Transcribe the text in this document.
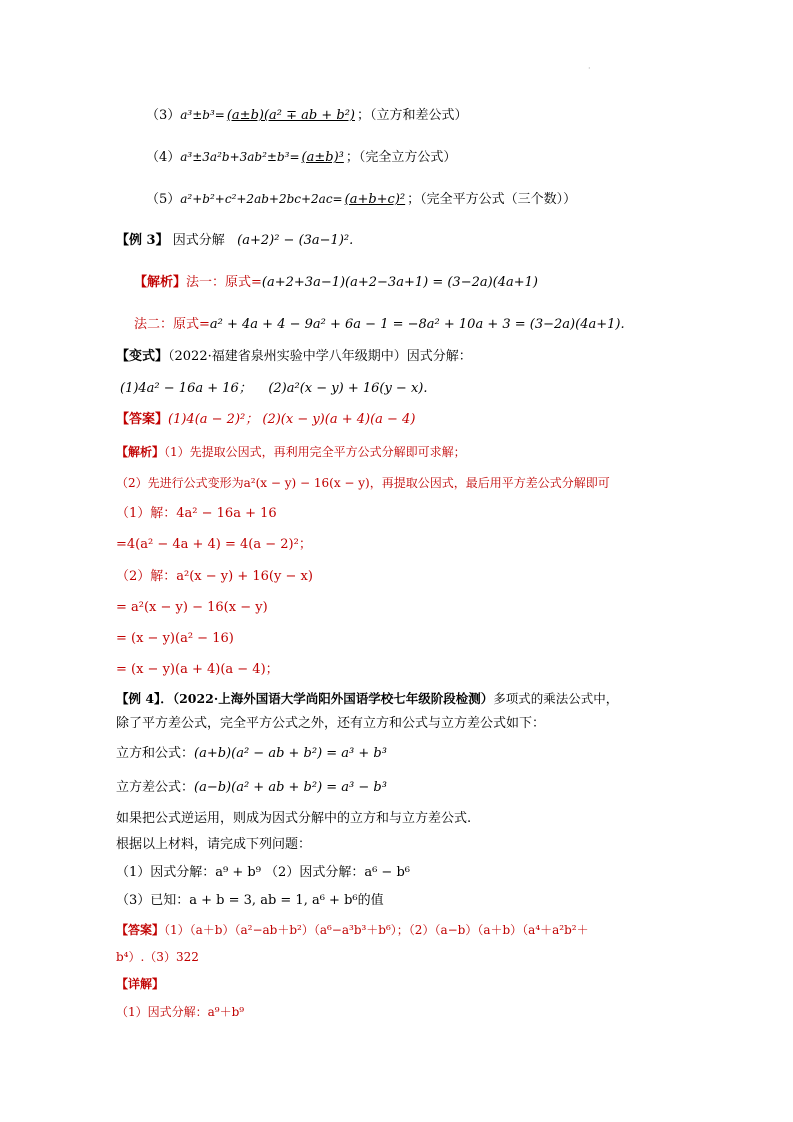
·
（3）a³±b³= (a±b)(a² ∓ ab + b²) ；（立方和差公式）
（4）a³±3a²b+3ab²±b³= (a±b)³ ；（完全立方公式）
（5）a²+b²+c²+2ab+2bc+2ac= (a+b+c)² ；（完全平方公式（三个数））
【例 3】 因式分解 (a+2)² − (3a−1)².
【解析】法一：原式=(a+2+3a−1)(a+2−3a+1) = (3−2a)(4a+1)
法二：原式=a² + 4a + 4 − 9a² + 6a − 1 = −8a² + 10a + 3 = (3−2a)(4a+1).
【变式】（2022·福建省泉州实验中学八年级期中）因式分解：
(1)4a² − 16a + 16； (2)a²(x − y) + 16(y − x).
【答案】(1)4(a − 2)²； (2)(x − y)(a + 4)(a − 4)
【解析】（1）先提取公因式，再利用完全平方公式分解即可求解；
（2）先进行公式变形为a²(x − y) − 16(x − y)，再提取公因式，最后用平方差公式分解即可
（1）解：4a² − 16a + 16
=4(a² − 4a + 4) = 4(a − 2)²；
（2）解：a²(x − y) + 16(y − x)
= a²(x − y) − 16(x − y)
= (x − y)(a² − 16)
= (x − y)(a + 4)(a − 4)；
【例 4】．（2022·上海外国语大学尚阳外国语学校七年级阶段检测）多项式的乘法公式中，
除了平方差公式，完全平方公式之外，还有立方和公式与立方差公式如下：
立方和公式：(a+b)(a² − ab + b²) = a³ + b³
立方差公式：(a−b)(a² + ab + b²) = a³ − b³
如果把公式逆运用，则成为因式分解中的立方和与立方差公式.
根据以上材料，请完成下列问题：
（1）因式分解：a⁹ + b⁹ （2）因式分解：a⁶ − b⁶
（3）已知：a + b = 3, ab = 1, a⁶ + b⁶的值
【答案】（1）（a＋b）（a²−ab＋b²）（a⁶−a³b³＋b⁶）；（2）（a−b）（a＋b）（a⁴＋a²b²＋
b⁴）.（3）322
【详解】
（1）因式分解：a⁹＋b⁹
